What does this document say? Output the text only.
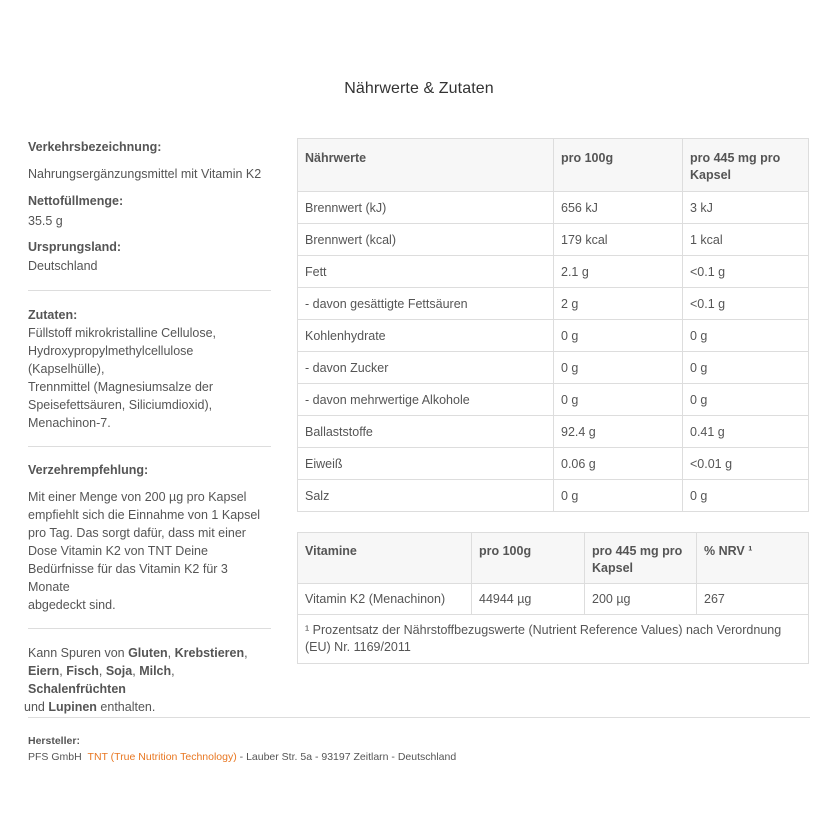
Nährwerte & Zutaten
Verkehrsbezeichnung:
Nahrungsergänzungsmittel mit Vitamin K2
Nettofüllmenge:
35.5 g
Ursprungsland:
Deutschland
Zutaten:
Füllstoff mikrokristalline Cellulose,
Hydroxypropylmethylcellulose
(Kapselhülle),
Trennmittel (Magnesiumsalze der
Speisefettsäuren, Siliciumdioxid),
Menachinon-7.
Verzehrempfehlung:
Mit einer Menge von 200 µg pro Kapsel
empfiehlt sich die Einnahme von 1 Kapsel
pro Tag. Das sorgt dafür, dass mit einer
Dose Vitamin K2 von TNT Deine
Bedürfnisse für das Vitamin K2 für 3 Monate
abgedeckt sind.
Kann Spuren von Gluten, Krebstieren,
Eiern, Fisch, Soja, Milch, Schalenfrüchten
und Lupinen enthalten.
Nährwerte	pro 100g	pro 445 mg pro Kapsel
Brennwert (kJ)	656 kJ	3 kJ
Brennwert (kcal)	179 kcal	1 kcal
Fett	2.1 g	<0.1 g
- davon gesättigte Fettsäuren	2 g	<0.1 g
Kohlenhydrate	0 g	0 g
- davon Zucker	0 g	0 g
- davon mehrwertige Alkohole	0 g	0 g
Ballaststoffe	92.4 g	0.41 g
Eiweiß	0.06 g	<0.01 g
Salz	0 g	0 g
Vitamine	pro 100g	pro 445 mg pro Kapsel	% NRV ¹
Vitamin K2 (Menachinon)	44944 µg	200 µg	267
¹ Prozentsatz der Nährstoffbezugswerte (Nutrient Reference Values) nach Verordnung (EU) Nr. 1169/2011			
Hersteller:
PFS GmbH TNT (True Nutrition Technology) - Lauber Str. 5a - 93197 Zeitlarn - Deutschland
